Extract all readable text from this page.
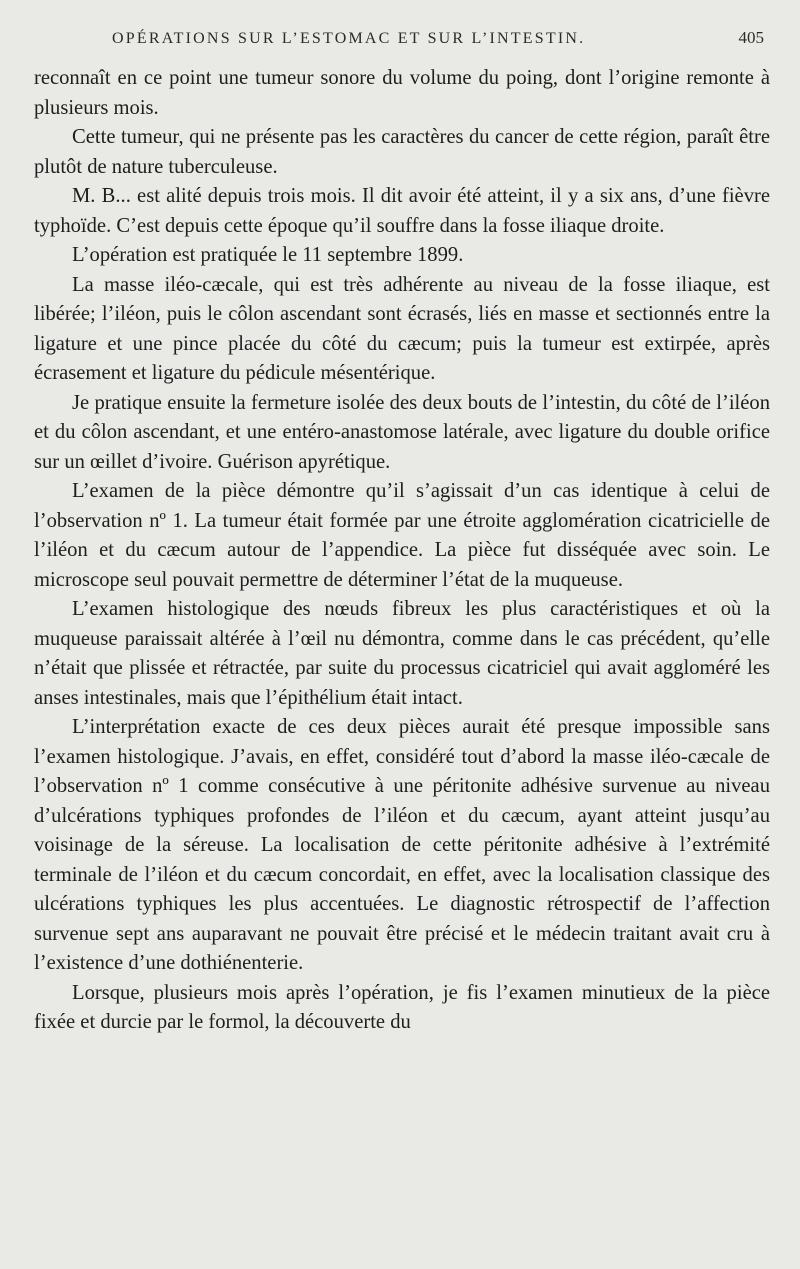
OPÉRATIONS SUR L’ESTOMAC ET SUR L’INTESTIN.	405

reconnaît en ce point une tumeur sonore du volume du poing, dont l’origine remonte à plusieurs mois.

Cette tumeur, qui ne présente pas les caractères du cancer de cette région, paraît être plutôt de nature tuberculeuse.

M. B... est alité depuis trois mois. Il dit avoir été atteint, il y a six ans, d’une fièvre typhoïde. C’est depuis cette époque qu’il souffre dans la fosse iliaque droite.

L’opération est pratiquée le 11 septembre 1899.

La masse iléo-cæcale, qui est très adhérente au niveau de la fosse iliaque, est libérée; l’iléon, puis le côlon ascendant sont écrasés, liés en masse et sectionnés entre la ligature et une pince placée du côté du cæcum; puis la tumeur est extirpée, après écrasement et ligature du pédicule mésentérique.

Je pratique ensuite la fermeture isolée des deux bouts de l’intestin, du côté de l’iléon et du côlon ascendant, et une entéro-anastomose latérale, avec ligature du double orifice sur un œillet d’ivoire. Guérison apyrétique.

L’examen de la pièce démontre qu’il s’agissait d’un cas identique à celui de l’observation nº 1. La tumeur était formée par une étroite agglomération cicatricielle de l’iléon et du cæcum autour de l’appendice. La pièce fut disséquée avec soin. Le microscope seul pouvait permettre de déterminer l’état de la muqueuse.

L’examen histologique des nœuds fibreux les plus caractéristiques et où la muqueuse paraissait altérée à l’œil nu démontra, comme dans le cas précédent, qu’elle n’était que plissée et rétractée, par suite du processus cicatriciel qui avait aggloméré les anses intestinales, mais que l’épithélium était intact.

L’interprétation exacte de ces deux pièces aurait été presque impossible sans l’examen histologique. J’avais, en effet, considéré tout d’abord la masse iléo-cæcale de l’observation nº 1 comme consécutive à une péritonite adhésive survenue au niveau d’ulcérations typhiques profondes de l’iléon et du cæcum, ayant atteint jusqu’au voisinage de la séreuse. La localisation de cette péritonite adhésive à l’extrémité terminale de l’iléon et du cæcum concordait, en effet, avec la localisation classique des ulcérations typhiques les plus accentuées. Le diagnostic rétrospectif de l’affection survenue sept ans auparavant ne pouvait être précisé et le médecin traitant avait cru à l’existence d’une dothiénenterie.

Lorsque, plusieurs mois après l’opération, je fis l’examen minutieux de la pièce fixée et durcie par le formol, la découverte du
